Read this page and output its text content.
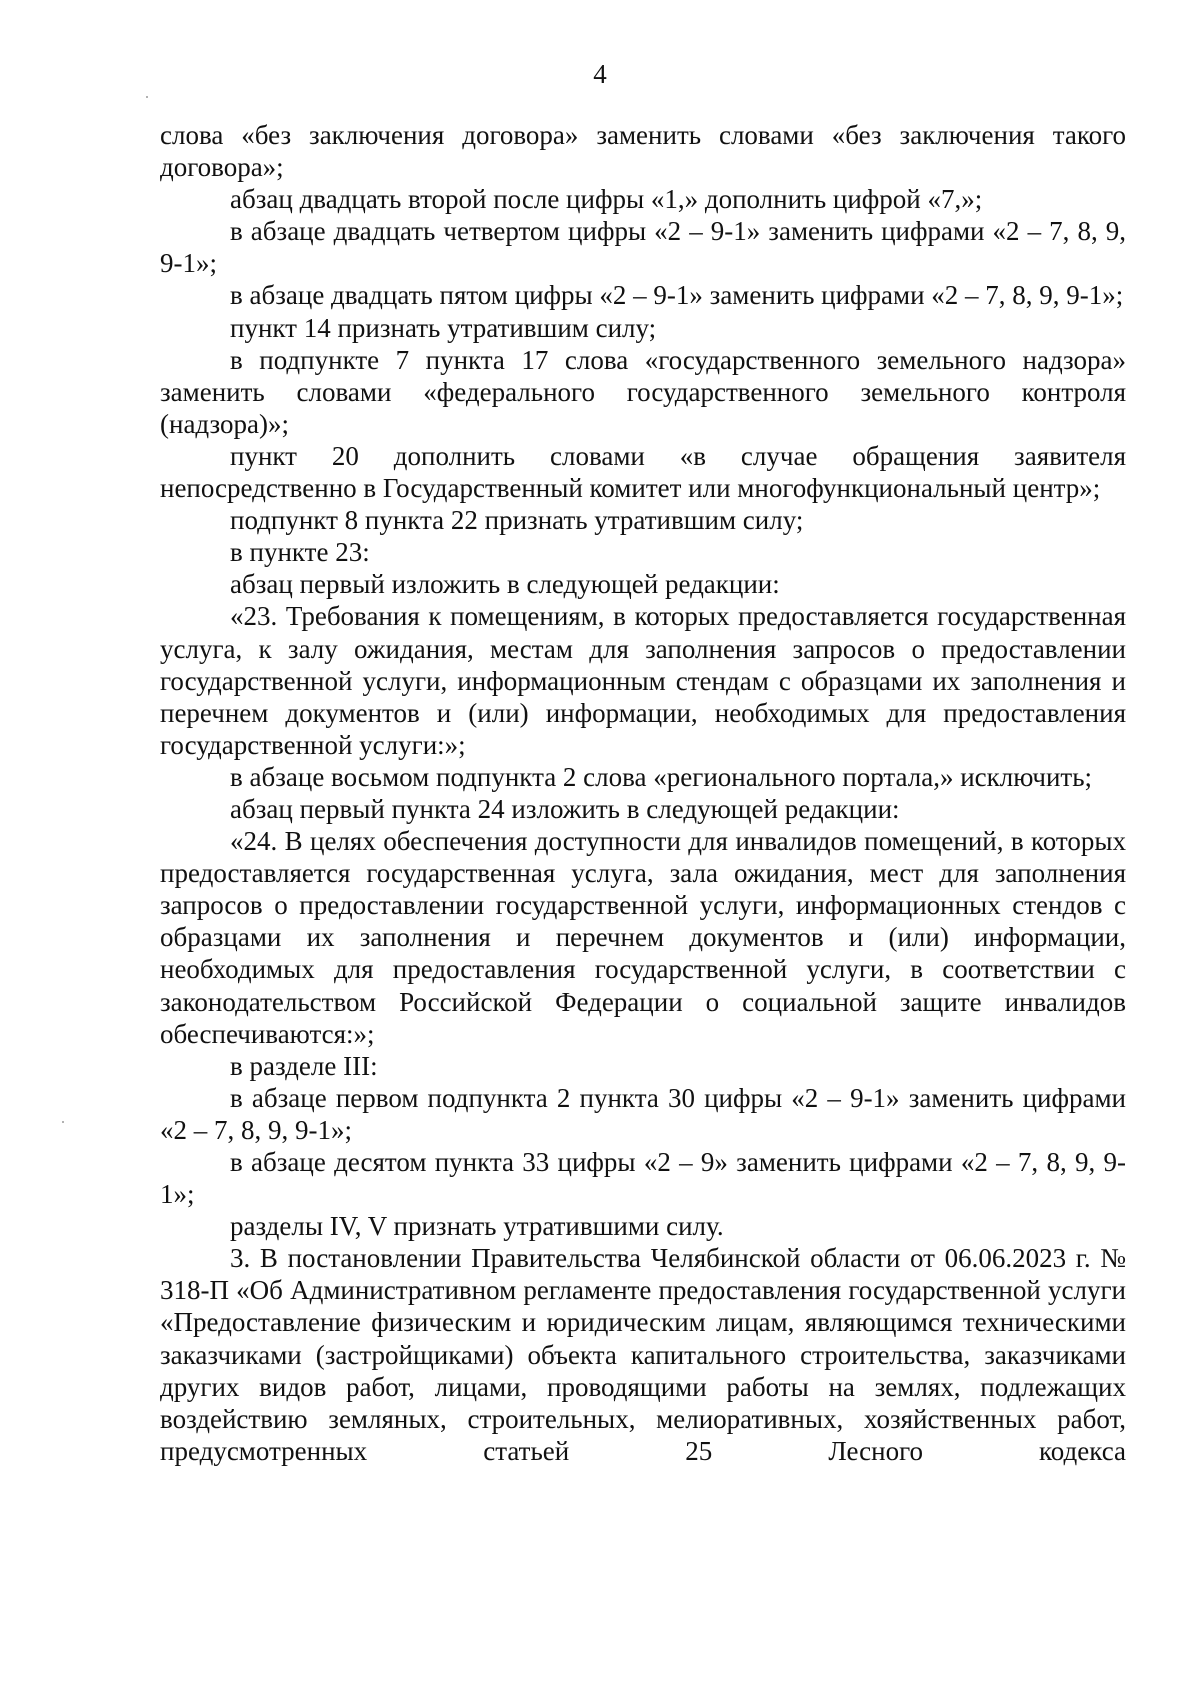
4

слова «без заключения договора» заменить словами «без заключения такого договора»;

абзац двадцать второй после цифры «1,» дополнить цифрой «7,»;

в абзаце двадцать четвертом цифры «2 – 9-1» заменить цифрами «2 – 7, 8, 9, 9-1»;

в абзаце двадцать пятом цифры «2 – 9-1» заменить цифрами «2 – 7, 8, 9, 9-1»;

пункт 14 признать утратившим силу;

в подпункте 7 пункта 17 слова «государственного земельного надзора» заменить словами «федерального государственного земельного контроля (надзора)»;

пункт 20 дополнить словами «в случае обращения заявителя непосредственно в Государственный комитет или многофункциональный центр»;

подпункт 8 пункта 22 признать утратившим силу;

в пункте 23:

абзац первый изложить в следующей редакции:

«23. Требования к помещениям, в которых предоставляется государственная услуга, к залу ожидания, местам для заполнения запросов о предоставлении государственной услуги, информационным стендам с образцами их заполнения и перечнем документов и (или) информации, необходимых для предоставления государственной услуги:»;

в абзаце восьмом подпункта 2 слова «регионального портала,» исключить;

абзац первый пункта 24 изложить в следующей редакции:

«24. В целях обеспечения доступности для инвалидов помещений, в которых предоставляется государственная услуга, зала ожидания, мест для заполнения запросов о предоставлении государственной услуги, информационных стендов с образцами их заполнения и перечнем документов и (или) информации, необходимых для предоставления государственной услуги, в соответствии с законодательством Российской Федерации о социальной защите инвалидов обеспечиваются:»;

в разделе III:

в абзаце первом подпункта 2 пункта 30 цифры «2 – 9-1» заменить цифрами «2 – 7, 8, 9, 9-1»;

в абзаце десятом пункта 33 цифры «2 – 9» заменить цифрами «2 – 7, 8, 9, 9-1»;

разделы IV, V признать утратившими силу.

3. В постановлении Правительства Челябинской области от 06.06.2023 г. № 318-П «Об Административном регламенте предоставления государственной услуги «Предоставление физическим и юридическим лицам, являющимся техническими заказчиками (застройщиками) объекта капитального строительства, заказчиками других видов работ, лицами, проводящими работы на землях, подлежащих воздействию земляных, строительных, мелиоративных, хозяйственных работ, предусмотренных статьей 25 Лесного кодекса
